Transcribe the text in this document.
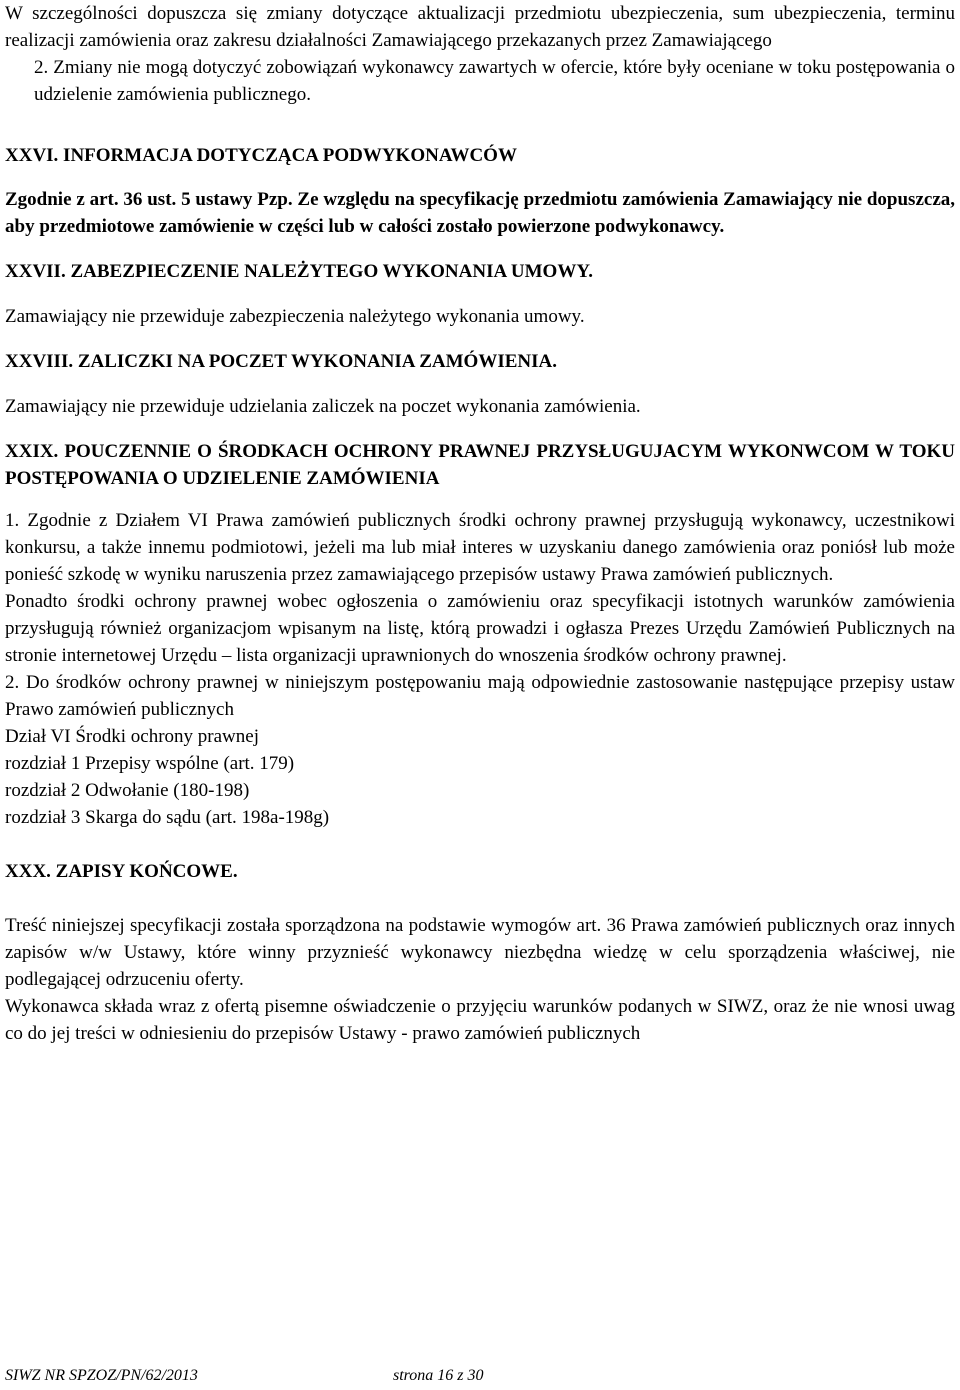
W szczególności dopuszcza się zmiany dotyczące aktualizacji przedmiotu ubezpieczenia, sum ubezpieczenia, terminu realizacji zamówienia oraz zakresu działalności Zamawiającego przekazanych przez Zamawiającego

2. Zmiany nie mogą dotyczyć zobowiązań wykonawcy zawartych w ofercie, które były oceniane w toku postępowania o udzielenie zamówienia publicznego.

XXVI. INFORMACJA DOTYCZĄCA PODWYKONAWCÓW

Zgodnie z art. 36 ust. 5 ustawy Pzp. Ze względu na specyfikację przedmiotu zamówienia Zamawiający nie dopuszcza, aby przedmiotowe zamówienie w części lub w całości zostało powierzone podwykonawcy.

XXVII. ZABEZPIECZENIE NALEŻYTEGO WYKONANIA UMOWY.

Zamawiający nie przewiduje zabezpieczenia należytego wykonania umowy.

XXVIII. ZALICZKI NA POCZET WYKONANIA ZAMÓWIENIA.

Zamawiający nie przewiduje udzielania zaliczek na poczet wykonania zamówienia.

XXIX. POUCZENNIE O ŚRODKACH OCHRONY PRAWNEJ PRZYSŁUGUJACYM WYKONWCOM W TOKU POSTĘPOWANIA O UDZIELENIE ZAMÓWIENIA

1. Zgodnie z Działem VI Prawa zamówień publicznych środki ochrony prawnej przysługują wykonawcy, uczestnikowi konkursu, a także innemu podmiotowi, jeżeli ma lub miał interes w uzyskaniu danego zamówienia oraz poniósł lub może ponieść szkodę w wyniku naruszenia przez zamawiającego przepisów ustawy Prawa zamówień publicznych.

Ponadto środki ochrony prawnej wobec ogłoszenia o zamówieniu oraz specyfikacji istotnych warunków zamówienia przysługują również organizacjom wpisanym na listę, którą prowadzi i ogłasza Prezes Urzędu Zamówień Publicznych na stronie internetowej Urzędu – lista organizacji uprawnionych do wnoszenia środków ochrony prawnej.

2. Do środków ochrony prawnej w niniejszym postępowaniu mają odpowiednie zastosowanie następujące przepisy ustaw Prawo zamówień publicznych

Dział VI Środki ochrony prawnej

rozdział 1 Przepisy wspólne (art. 179)

rozdział 2 Odwołanie (180-198)

rozdział 3 Skarga do sądu (art. 198a-198g)

XXX. ZAPISY KOŃCOWE.

Treść niniejszej specyfikacji została sporządzona na podstawie wymogów art. 36 Prawa zamówień publicznych oraz innych zapisów w/w Ustawy, które winny przyznieść wykonawcy niezbędna wiedzę w celu sporządzenia właściwej, nie podlegającej odrzuceniu oferty.

Wykonawca składa wraz z ofertą pisemne oświadczenie o przyjęciu warunków podanych w SIWZ, oraz że nie wnosi uwag co do jej treści w odniesieniu do przepisów Ustawy - prawo zamówień publicznych

SIWZ NR SPZOZ/PN/62/2013	strona 16 z 30
